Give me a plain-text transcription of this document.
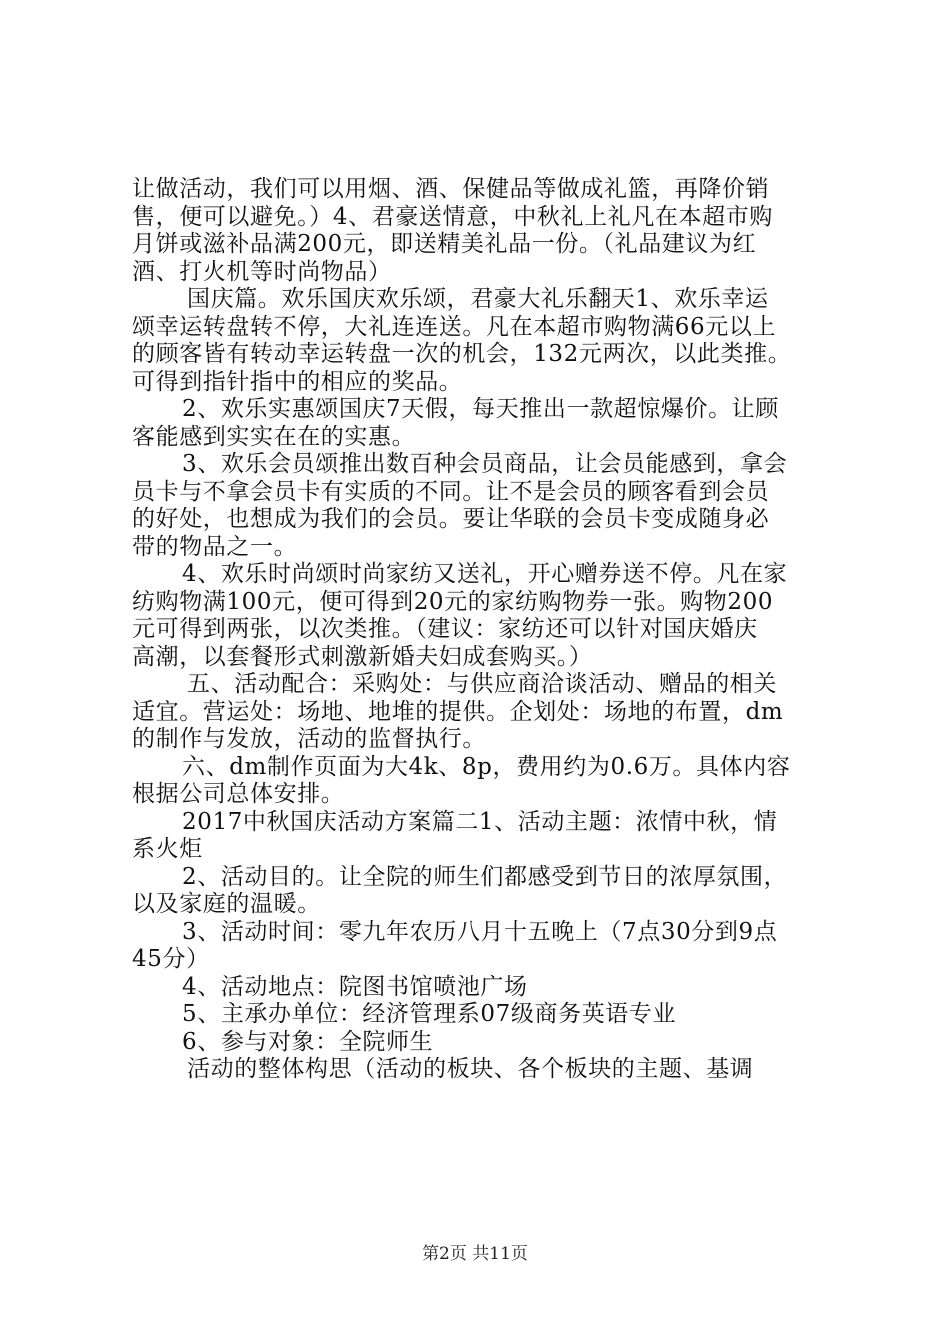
让做活动，我们可以用烟、酒、保健品等做成礼篮，再降价销
售，便可以避免。）4、君豪送情意，中秋礼上礼凡在本超市购
月饼或滋补品满200元，即送精美礼品一份。（礼品建议为红
酒、打火机等时尚物品）
国庆篇。欢乐国庆欢乐颂，君豪大礼乐翻天1、欢乐幸运
颂幸运转盘转不停，大礼连连送。凡在本超市购物满66元以上
的顾客皆有转动幸运转盘一次的机会，132元两次，以此类推。
可得到指针指中的相应的奖品。
2、欢乐实惠颂国庆7天假，每天推出一款超惊爆价。让顾
客能感到实实在在的实惠。
3、欢乐会员颂推出数百种会员商品，让会员能感到，拿会
员卡与不拿会员卡有实质的不同。让不是会员的顾客看到会员
的好处，也想成为我们的会员。要让华联的会员卡变成随身必
带的物品之一。
4、欢乐时尚颂时尚家纺又送礼，开心赠券送不停。凡在家
纺购物满100元，便可得到20元的家纺购物券一张。购物200
元可得到两张，以次类推。（建议：家纺还可以针对国庆婚庆
高潮，以套餐形式刺激新婚夫妇成套购买。）
五、活动配合：采购处：与供应商洽谈活动、赠品的相关
适宜。营运处：场地、地堆的提供。企划处：场地的布置，dm
的制作与发放，活动的监督执行。
六、dm制作页面为大4k、8p，费用约为0.6万。具体内容
根据公司总体安排。
2017中秋国庆活动方案篇二1、活动主题：浓情中秋，情
系火炬
2、活动目的。让全院的师生们都感受到节日的浓厚氛围，
以及家庭的温暖。
3、活动时间：零九年农历八月十五晚上（7点30分到9点
45分）
4、活动地点：院图书馆喷池广场
5、主承办单位：经济管理系07级商务英语专业
6、参与对象：全院师生
活动的整体构思（活动的板块、各个板块的主题、基调
第2页 共11页
